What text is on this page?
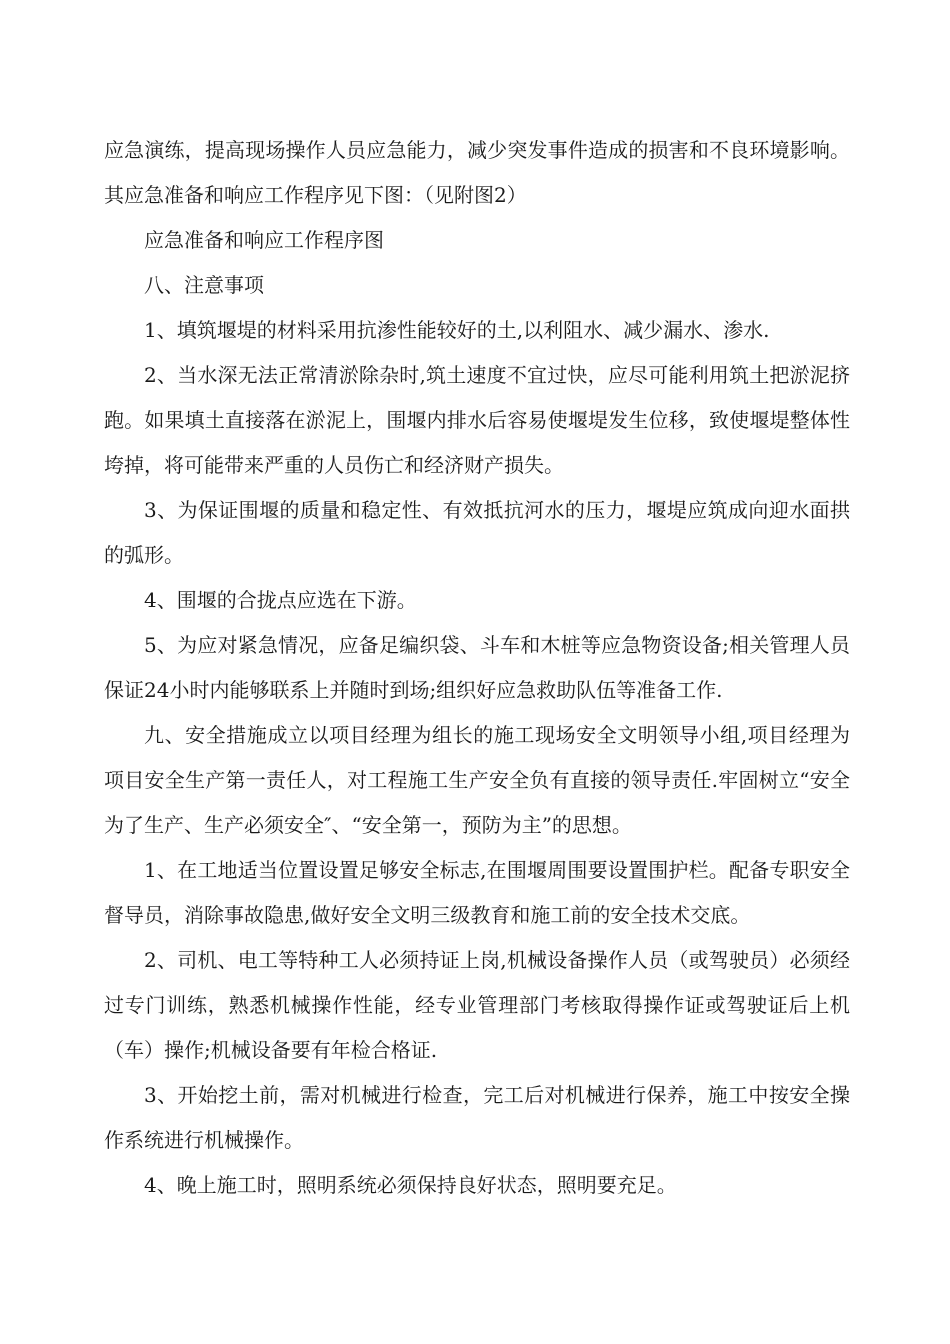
应急演练，提高现场操作人员应急能力，减少突发事件造成的损害和不良环境影响。其应急准备和响应工作程序见下图：（见附图2）

应急准备和响应工作程序图

八、注意事项

1、填筑堰堤的材料采用抗渗性能较好的土,以利阻水、减少漏水、渗水.

2、当水深无法正常清淤除杂时,筑土速度不宜过快，应尽可能利用筑土把淤泥挤跑。如果填土直接落在淤泥上，围堰内排水后容易使堰堤发生位移，致使堰堤整体性垮掉，将可能带来严重的人员伤亡和经济财产损失。

3、为保证围堰的质量和稳定性、有效抵抗河水的压力，堰堤应筑成向迎水面拱的弧形。

4、围堰的合拢点应选在下游。

5、为应对紧急情况，应备足编织袋、斗车和木桩等应急物资设备;相关管理人员保证24小时内能够联系上并随时到场;组织好应急救助队伍等准备工作.

九、安全措施成立以项目经理为组长的施工现场安全文明领导小组,项目经理为项目安全生产第一责任人，对工程施工生产安全负有直接的领导责任.牢固树立“安全为了生产、生产必须安全″、“安全第一，预防为主”的思想。

1、在工地适当位置设置足够安全标志,在围堰周围要设置围护栏。配备专职安全督导员，消除事故隐患,做好安全文明三级教育和施工前的安全技术交底。

2、司机、电工等特种工人必须持证上岗,机械设备操作人员（或驾驶员）必须经过专门训练，熟悉机械操作性能，经专业管理部门考核取得操作证或驾驶证后上机（车）操作;机械设备要有年检合格证.

3、开始挖土前，需对机械进行检查，完工后对机械进行保养，施工中按安全操作系统进行机械操作。

4、晚上施工时，照明系统必须保持良好状态，照明要充足。
